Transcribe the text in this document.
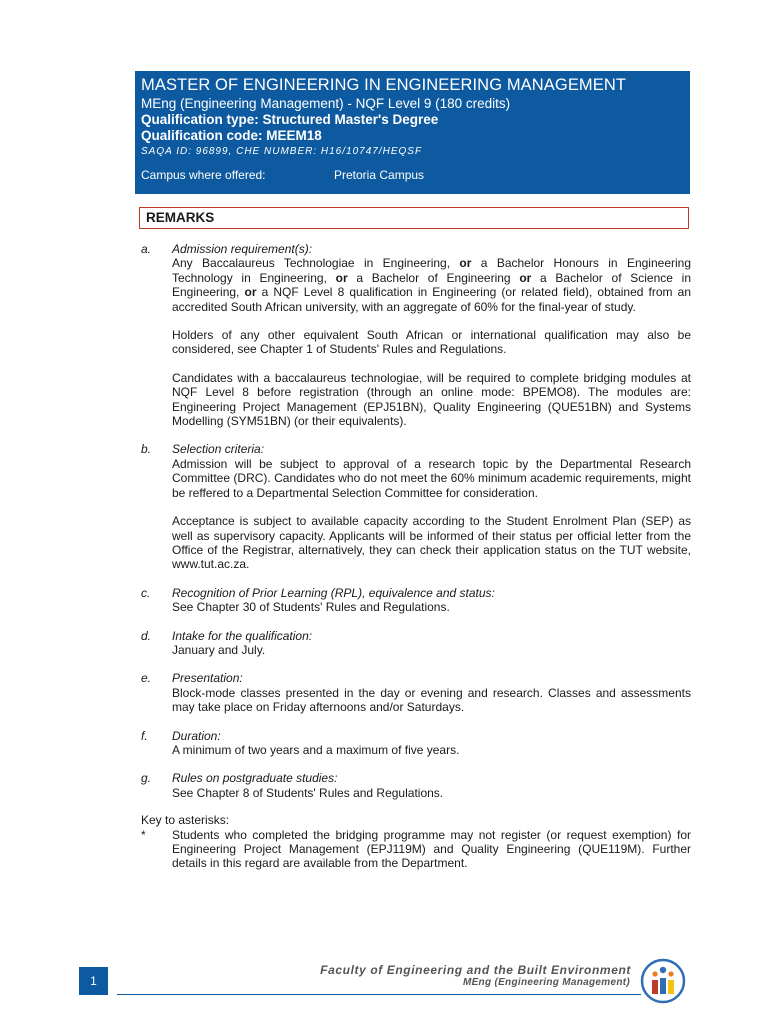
MASTER OF ENGINEERING IN ENGINEERING MANAGEMENT
MEng (Engineering Management) - NQF Level 9 (180 credits)
Qualification type: Structured Master's Degree
Qualification code: MEEM18
SAQA ID: 96899, CHE NUMBER: H16/10747/HEQSF
Campus where offered:	Pretoria Campus
REMARKS
a. Admission requirement(s):
Any Baccalaureus Technologiae in Engineering, or a Bachelor Honours in Engineering Technology in Engineering, or a Bachelor of Engineering or a Bachelor of Science in Engineering, or a NQF Level 8 qualification in Engineering (or related field), obtained from an accredited South African university, with an aggregate of 60% for the final-year of study.
Holders of any other equivalent South African or international qualification may also be considered, see Chapter 1 of Students' Rules and Regulations.
Candidates with a baccalaureus technologiae, will be required to complete bridging modules at NQF Level 8 before registration (through an online mode: BPEMO8). The modules are: Engineering Project Management (EPJ51BN), Quality Engineering (QUE51BN) and Systems Modelling (SYM51BN) (or their equivalents).
b. Selection criteria:
Admission will be subject to approval of a research topic by the Departmental Research Committee (DRC). Candidates who do not meet the 60% minimum academic requirements, might be reffered to a Departmental Selection Committee for consideration.
Acceptance is subject to available capacity according to the Student Enrolment Plan (SEP) as well as supervisory capacity. Applicants will be informed of their status per official letter from the Office of the Registrar, alternatively, they can check their application status on the TUT website, www.tut.ac.za.
c. Recognition of Prior Learning (RPL), equivalence and status:
See Chapter 30 of Students' Rules and Regulations.
d. Intake for the qualification:
January and July.
e. Presentation:
Block-mode classes presented in the day or evening and research. Classes and assessments may take place on Friday afternoons and/or Saturdays.
f. Duration:
A minimum of two years and a maximum of five years.
g. Rules on postgraduate studies:
See Chapter 8 of Students' Rules and Regulations.
Key to asterisks:
* Students who completed the bridging programme may not register (or request exemption) for Engineering Project Management (EPJ119M) and Quality Engineering (QUE119M). Further details in this regard are available from the Department.
1
Faculty of Engineering and the Built Environment
MEng (Engineering Management)
